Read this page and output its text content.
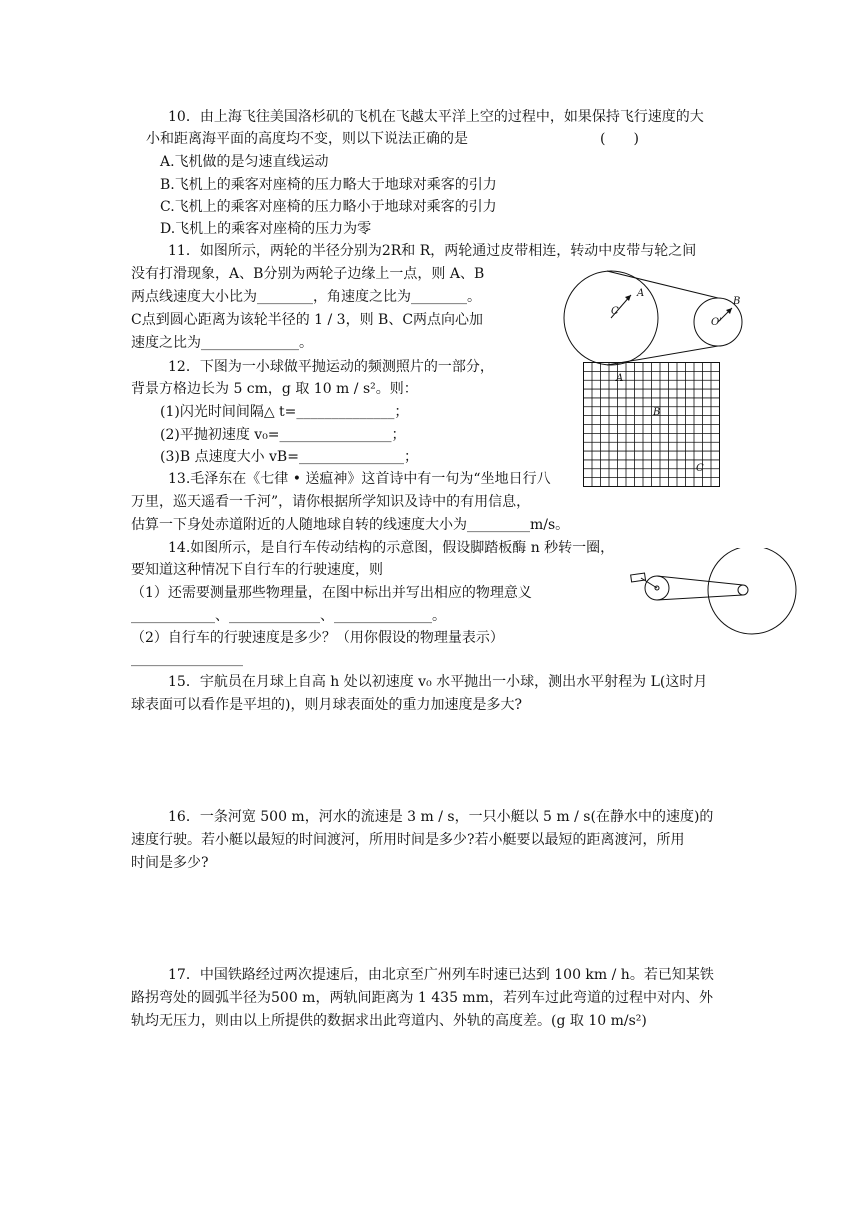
10．由上海飞往美国洛杉矶的飞机在飞越太平洋上空的过程中，如果保持飞行速度的大
小和距离海平面的高度均不变，则以下说法正确的是	(　　)
A.飞机做的是匀速直线运动
B.飞机上的乘客对座椅的压力略大于地球对乘客的引力
C.飞机上的乘客对座椅的压力略小于地球对乘客的引力
D.飞机上的乘客对座椅的压力为零
11．如图所示，两轮的半径分别为2R和 R，两轮通过皮带相连，转动中皮带与轮之间
没有打滑现象，A、B分别为两轮子边缘上一点，则 A、B
两点线速度大小比为________，角速度之比为________。
C点到圆心距离为该轮半径的 1 / 3，则 B、C两点向心加
速度之比为______________。
A
B
C
O'
12．下图为一小球做平抛运动的频测照片的一部分，
背景方格边长为 5 cm，g 取 10 m / s²。则：
(1)闪光时间间隔△ t=______________；
(2)平抛初速度 v₀=________________；
(3)B 点速度大小 vB=_______________；
A
B
C
13.毛泽东在《七律 • 送瘟神》这首诗中有一句为“坐地日行八
万里，巡天遥看一千河”，请你根据所学知识及诗中的有用信息，
估算一下身处赤道附近的人随地球自转的线速度大小为_________m/s。
14.如图所示，是自行车传动结构的示意图，假设脚踏板酶 n 秒转一圈，
要知道这种情况下自行车的行驶速度，则
（1）还需要测量那些物理量，在图中标出并写出相应的物理意义
____________、_____________、______________。
（2）自行车的行驶速度是多少？（用你假设的物理量表示）
________________
15．宇航员在月球上自高 h 处以初速度 v₀ 水平抛出一小球，测出水平射程为 L(这时月
球表面可以看作是平坦的)，则月球表面处的重力加速度是多大?
16．一条河宽 500 m，河水的流速是 3 m / s，一只小艇以 5 m / s(在静水中的速度)的
速度行驶。若小艇以最短的时间渡河，所用时间是多少?若小艇要以最短的距离渡河，所用
时间是多少?
17．中国铁路经过两次提速后，由北京至广州列车时速已达到 100 km / h。若已知某铁
路拐弯处的圆弧半径为500 m，两轨间距离为 1 435 mm，若列车过此弯道的过程中对内、外
轨均无压力，则由以上所提供的数据求出此弯道内、外轨的高度差。(g 取 10 m/s²)
